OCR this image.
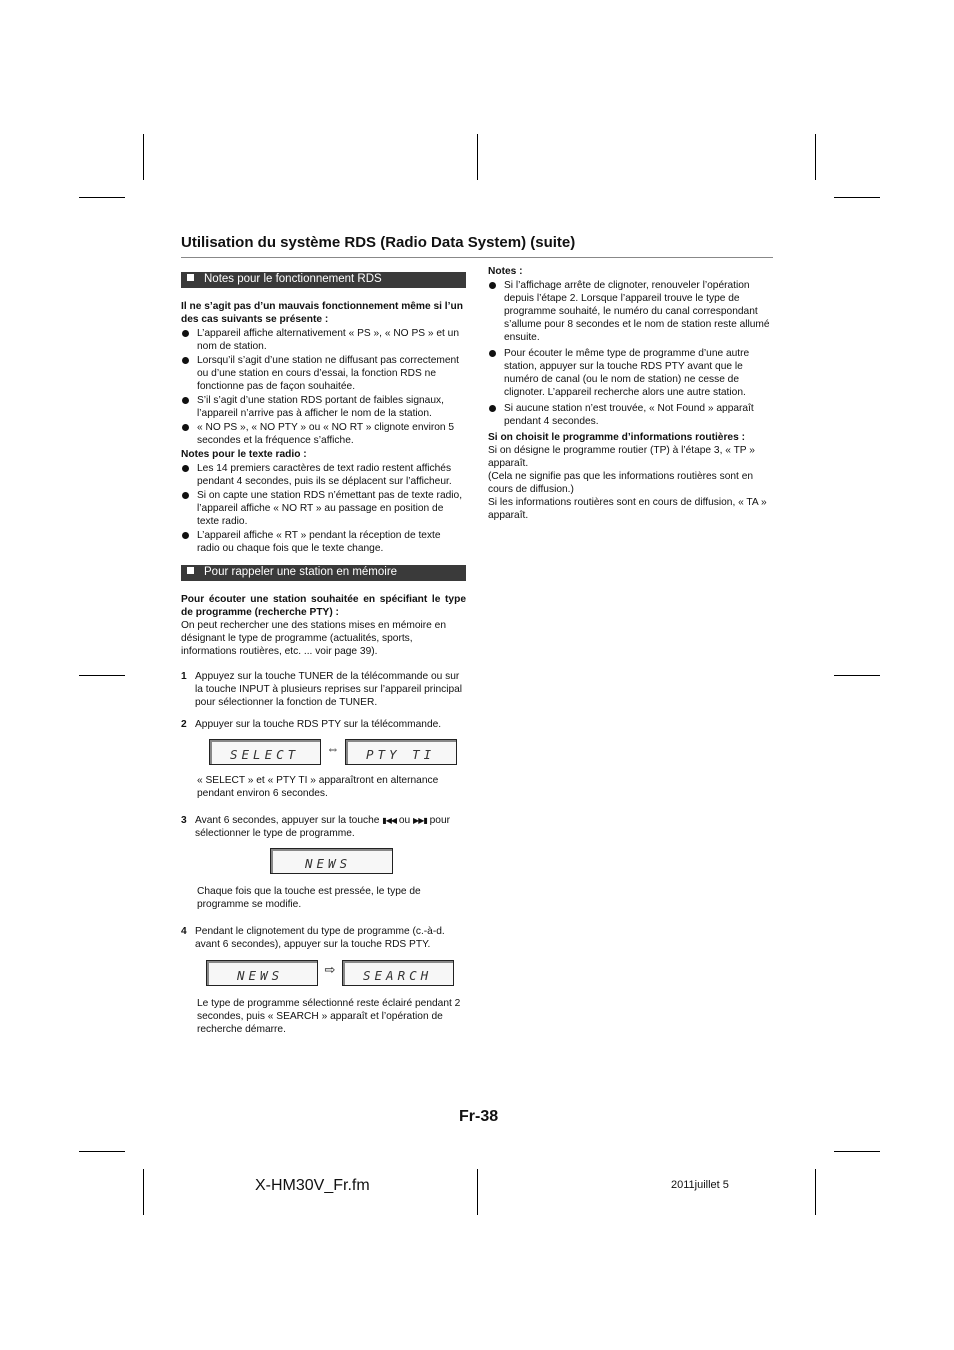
Utilisation du système RDS (Radio Data System) (suite)
Notes pour le fonctionnement RDS
Il ne s’agit pas d’un mauvais fonctionnement même si l’un des cas suivants se présente :
L’appareil affiche alternativement « PS », « NO PS » et un nom de station.
Lorsqu’il s’agit d’une station ne diffusant pas correctement ou d’une station en cours d’essai, la fonction RDS ne fonctionne pas de façon souhaitée.
S’il s’agit d’une station RDS portant de faibles signaux, l’appareil n’arrive pas à afficher le nom de la station.
« NO PS », « NO PTY » ou « NO RT » clignote environ 5 secondes et la fréquence s’affiche.
Notes pour le texte radio :
Les 14 premiers caractères de text radio restent affichés pendant 4 secondes, puis ils se déplacent sur l’afficheur.
Si on capte une station RDS n’émettant pas de texte radio, l’appareil affiche « NO RT » au passage en position de texte radio.
L’appareil affiche « RT » pendant la réception de texte radio ou chaque fois que le texte change.
Pour rappeler une station en mémoire
Pour écouter une station souhaitée en spécifiant le type de programme (recherche PTY) :
On peut rechercher une des stations mises en mémoire en désignant le type de programme (actualités, sports, informations routières, etc. ... voir page 39).
1 Appuyez sur la touche TUNER de la télécommande ou sur la touche INPUT à plusieurs reprises sur l’appareil principal pour sélectionner la fonction de TUNER.
2 Appuyer sur la touche RDS PTY sur la télécommande.
SELECT ⇔ PTY TI
« SELECT » et « PTY TI » apparaîtront en alternance pendant environ 6 secondes.
3 Avant 6 secondes, appuyer sur la touche ▮◀◀ ou ▶▶▮ pour sélectionner le type de programme.
NEWS
Chaque fois que la touche est pressée, le type de programme se modifie.
4 Pendant le clignotement du type de programme (c.-à-d. avant 6 secondes), appuyer sur la touche RDS PTY.
NEWS	⇨ SEARCH
Le type de programme sélectionné reste éclairé pendant 2 secondes, puis « SEARCH » apparaît et l’opération de recherche démarre.
Notes :
Si l’affichage arrête de clignoter, renouveler l’opération depuis l’étape 2. Lorsque l’appareil trouve le type de programme souhaité, le numéro du canal correspondant s’allume pour 8 secondes et le nom de station reste allumé ensuite.
Pour écouter le même type de programme d’une autre station, appuyer sur la touche RDS PTY avant que le numéro de canal (ou le nom de station) ne cesse de clignoter. L’appareil recherche alors une autre station.
Si aucune station n’est trouvée, « Not Found » apparaît pendant 4 secondes.
Si on choisit le programme d’informations routières :
Si on désigne le programme routier (TP) à l’étape 3, « TP » apparaît.
(Cela ne signifie pas que les informations routières sont en cours de diffusion.)
Si les informations routières sont en cours de diffusion, « TA » apparaît.
Fr-38
X-HM30V_Fr.fm	2011juillet 5
